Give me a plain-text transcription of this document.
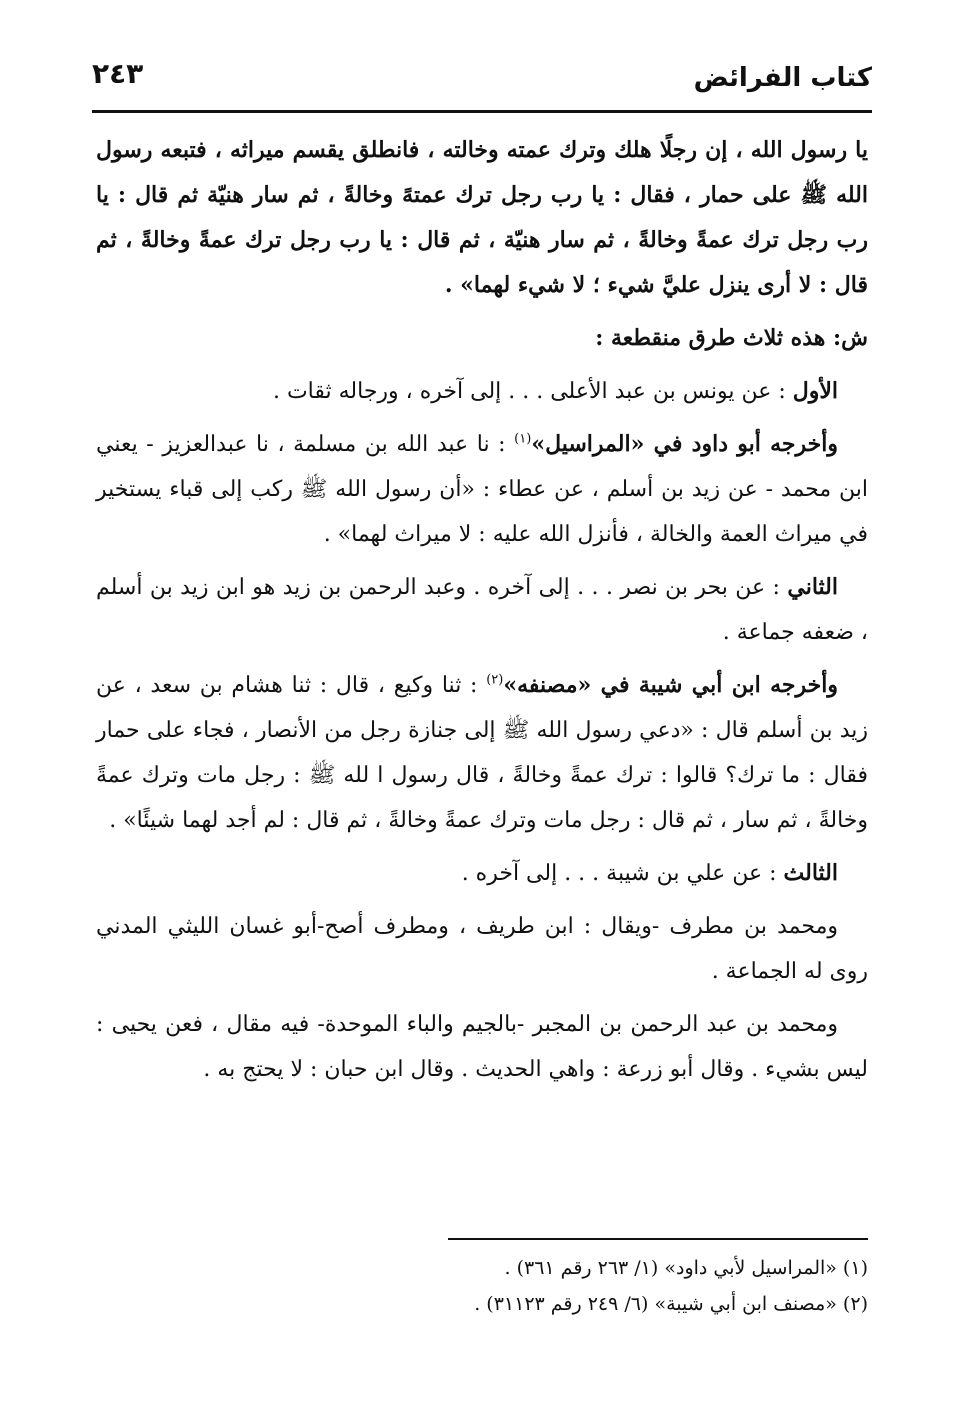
كتاب الفرائض
٢٤٣

يا رسول الله ، إن رجلًا هلك وترك عمته وخالته ، فانطلق يقسم ميراثه ، فتبعه رسول الله ﷺ على حمار ، فقال : يا رب رجل ترك عمتهً وخالةً ، ثم سار هنيّة ثم قال : يا رب رجل ترك عمةً وخالةً ، ثم سار هنيّة ، ثم قال : يا رب رجل ترك عمةً وخالةً ، ثم قال : لا أرى ينزل عليَّ شيء ؛ لا شيء لهما» .

ش: هذه ثلاث طرق منقطعة :

الأول : عن يونس بن عبد الأعلى . . . إلى آخره ، ورجاله ثقات .

وأخرجه أبو داود في «المراسيل»$^{(١)}$ : نا عبد الله بن مسلمة ، نا عبدالعزيز - يعني ابن محمد - عن زيد بن أسلم ، عن عطاء : «أن رسول الله ﷺ ركب إلى قباء يستخير في ميراث العمة والخالة ، فأنزل الله عليه : لا ميراث لهما» .

الثاني : عن بحر بن نصر . . . إلى آخره . وعبد الرحمن بن زيد هو ابن زيد بن أسلم ، ضعفه جماعة .

وأخرجه ابن أبي شيبة في «مصنفه»$^{(٢)}$ : ثنا وكيع ، قال : ثنا هشام بن سعد ، عن زيد بن أسلم قال : «دعي رسول الله ﷺ إلى جنازة رجل من الأنصار ، فجاء على حمار فقال : ما ترك؟ قالوا : ترك عمةً وخالةً ، قال رسول ا لله ﷺ : رجل مات وترك عمةً وخالةً ، ثم سار ، ثم قال : رجل مات وترك عمةً وخالةً ، ثم قال : لم أجد لهما شيئًا» .

الثالث : عن علي بن شيبة . . . إلى آخره .

ومحمد بن مطرف -ويقال : ابن طريف ، ومطرف أصح-أبو غسان الليثي المدني روى له الجماعة .

ومحمد بن عبد الرحمن بن المجبر -بالجيم والباء الموحدة- فيه مقال ، فعن يحيى : ليس بشيء . وقال أبو زرعة : واهي الحديث . وقال ابن حبان : لا يحتج به .

(١) «المراسيل لأبي داود» (١/ ٢٦٣ رقم ٣٦١) .

(٢) «مصنف ابن أبي شيبة» (٦/ ٢٤٩ رقم ٣١١٢٣) .
